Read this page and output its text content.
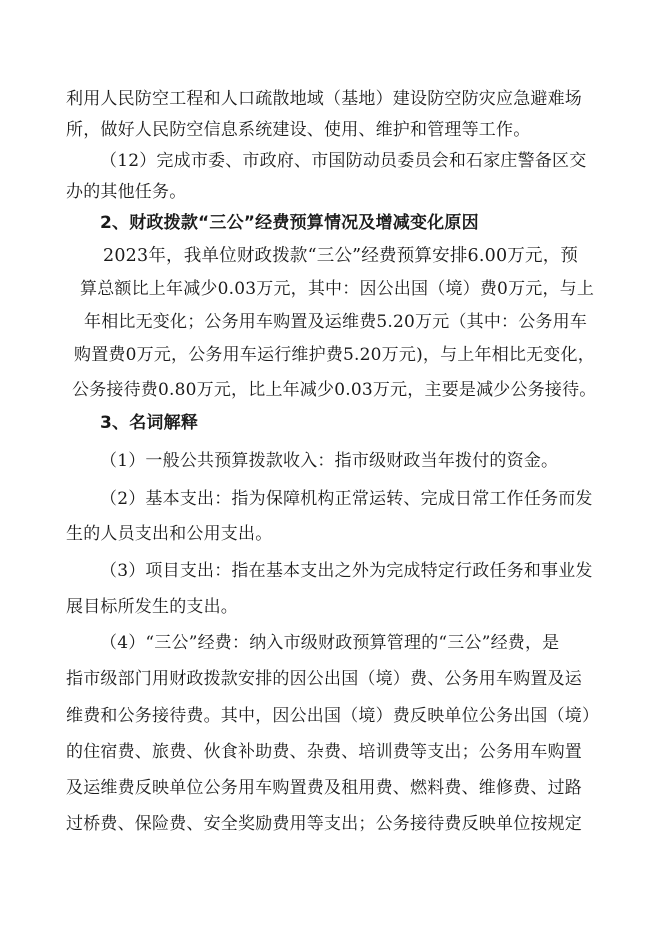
利用人民防空工程和人口疏散地域（基地）建设防空防灾应急避难场
所，做好人民防空信息系统建设、使用、维护和管理等工作。
（12）完成市委、市政府、市国防动员委员会和石家庄警备区交
办的其他任务。
2、财政拨款“三公”经费预算情况及增减变化原因
2023年，我单位财政拨款“三公”经费预算安排6.00万元，预
算总额比上年减少0.03万元，其中：因公出国（境）费0万元，与上
年相比无变化；公务用车购置及运维费5.20万元（其中：公务用车
购置费0万元，公务用车运行维护费5.20万元)，与上年相比无变化，
公务接待费0.80万元，比上年减少0.03万元，主要是减少公务接待。
3、名词解释
（1）一般公共预算拨款收入：指市级财政当年拨付的资金。
（2）基本支出：指为保障机构正常运转、完成日常工作任务而发
生的人员支出和公用支出。
（3）项目支出：指在基本支出之外为完成特定行政任务和事业发
展目标所发生的支出。
（4）“三公”经费：纳入市级财政预算管理的“三公”经费，是
指市级部门用财政拨款安排的因公出国（境）费、公务用车购置及运
维费和公务接待费。其中，因公出国（境）费反映单位公务出国（境）
的住宿费、旅费、伙食补助费、杂费、培训费等支出；公务用车购置
及运维费反映单位公务用车购置费及租用费、燃料费、维修费、过路
过桥费、保险费、安全奖励费用等支出；公务接待费反映单位按规定
